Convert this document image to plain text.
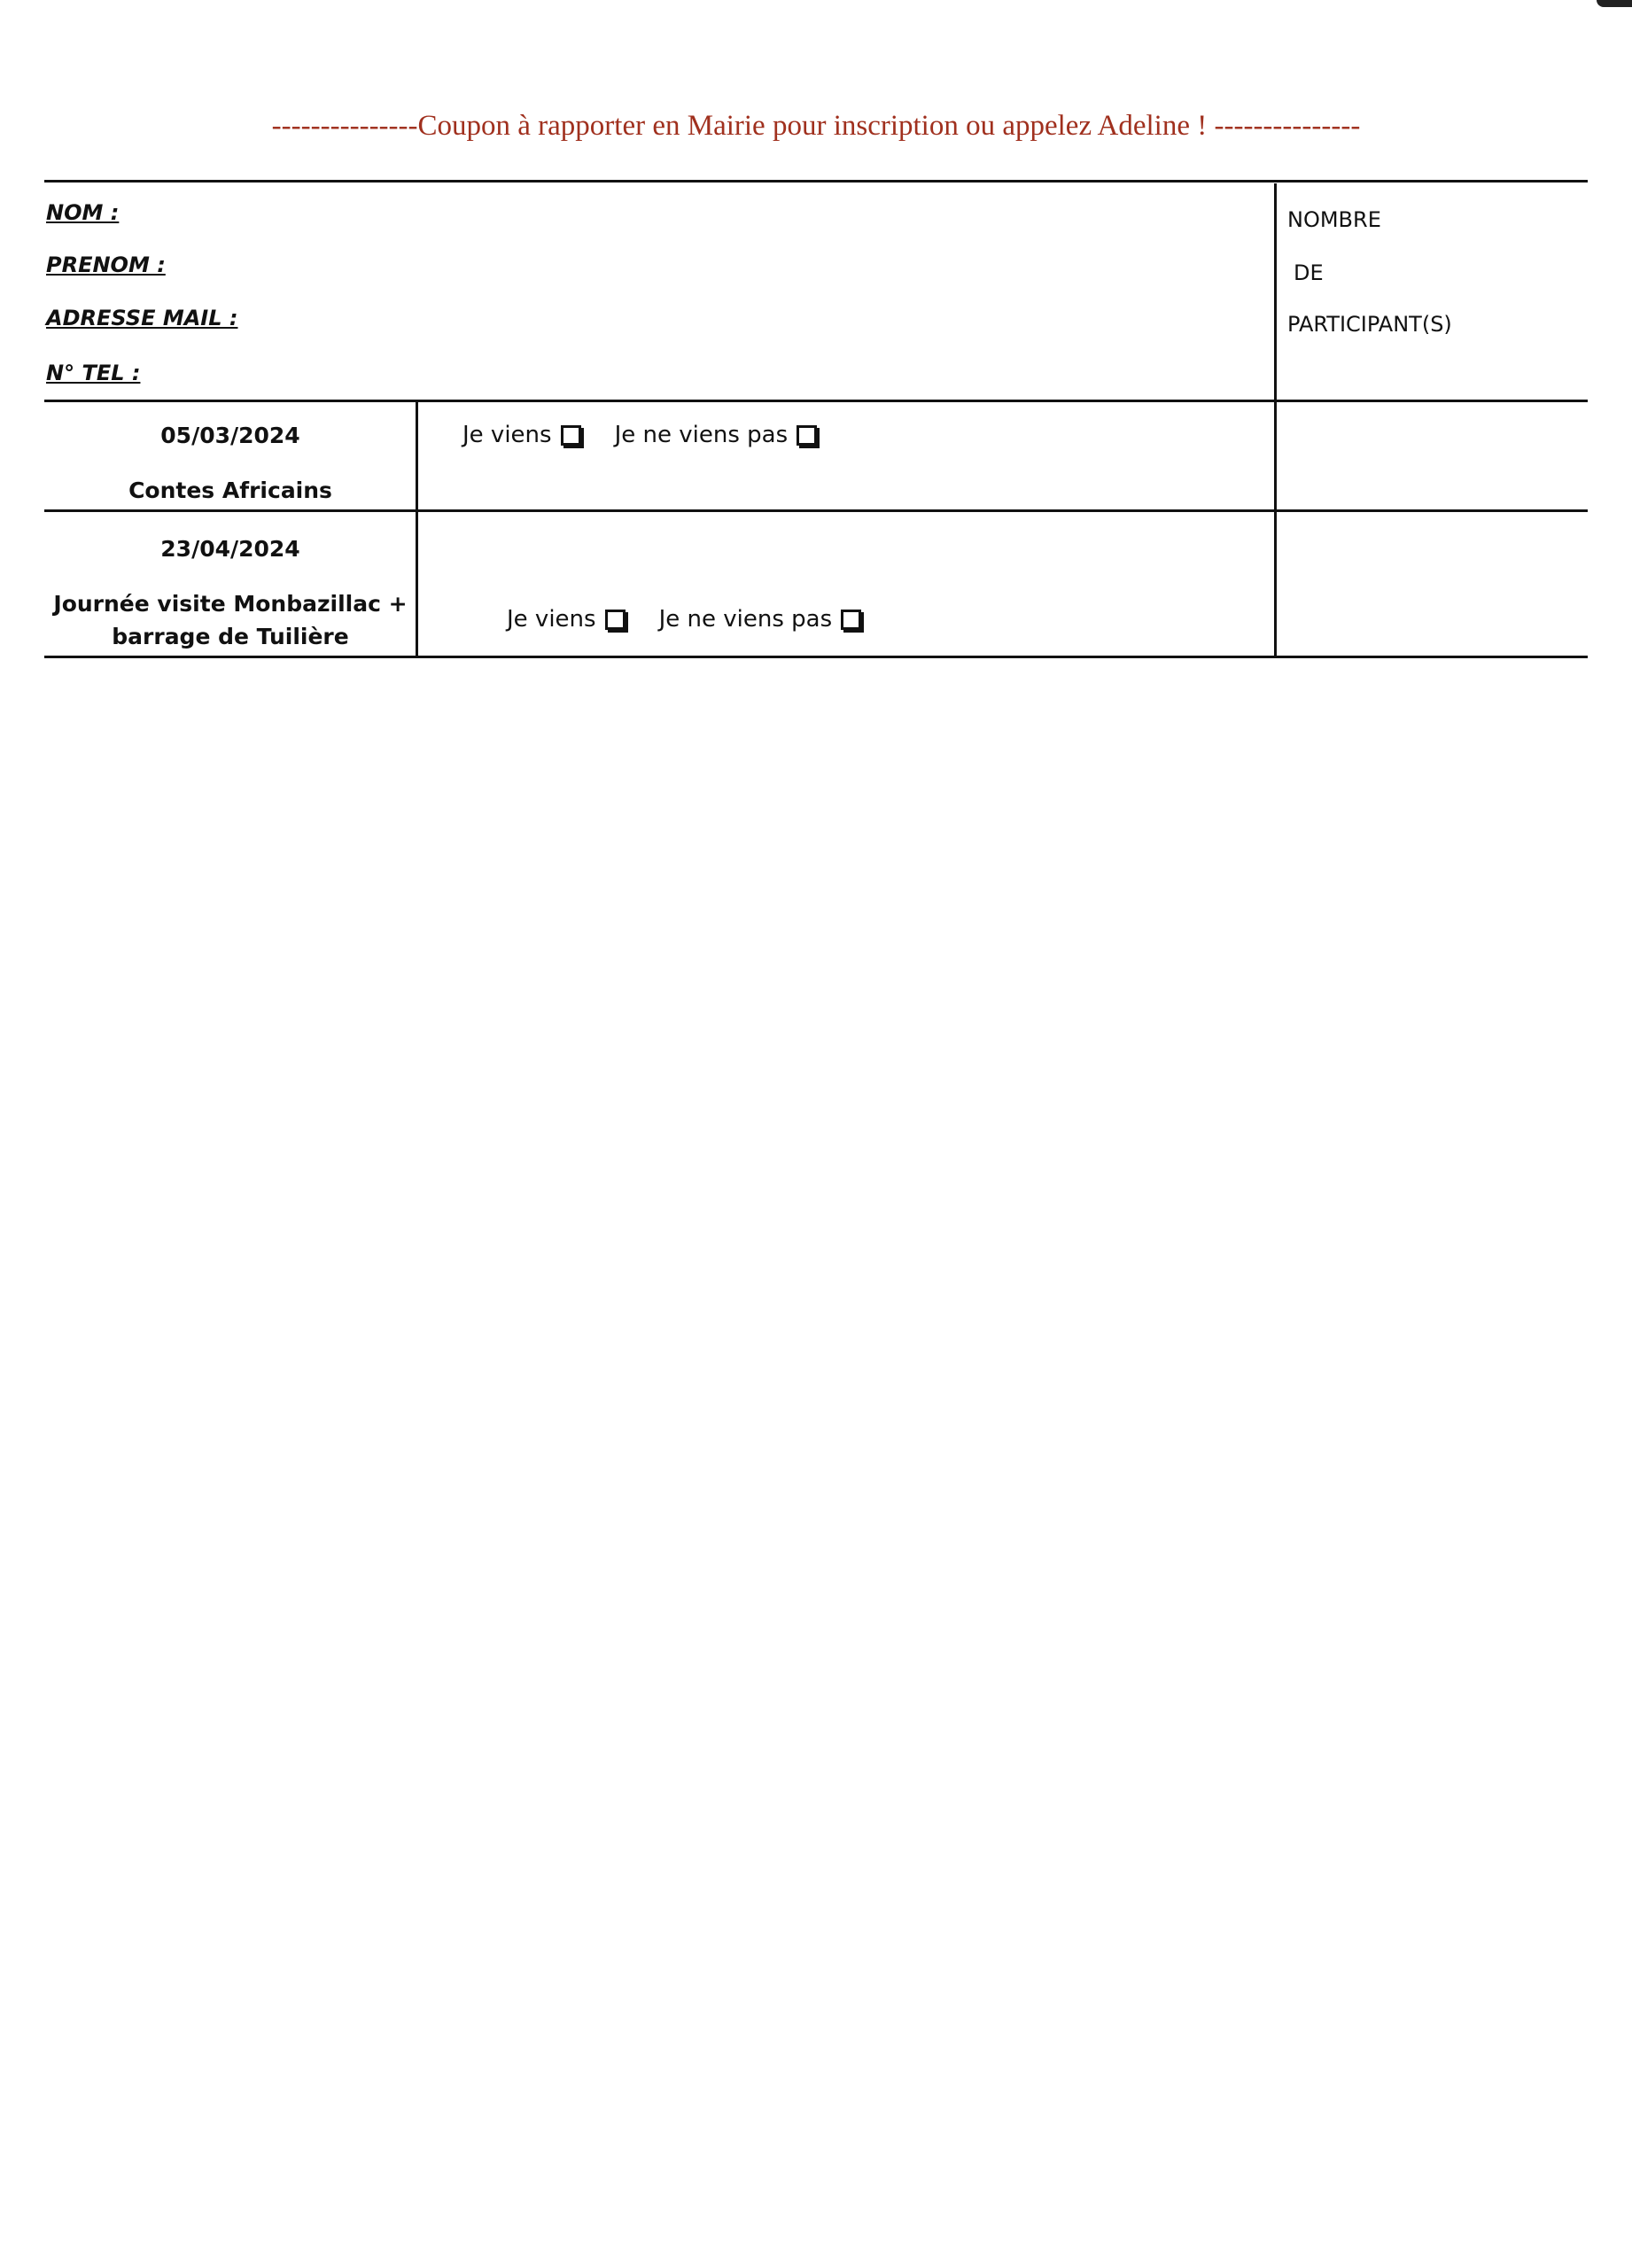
---------------Coupon à rapporter en Mairie pour inscription ou appelez Adeline ! ---------------
NOM :
PRENOM :
ADRESSE MAIL :
N° TEL :
NOMBRE
DE
PARTICIPANT(S)
05/03/2024
Contes Africains
Je viens	Je ne viens pas
23/04/2024
Journée visite Monbazillac +
barrage de Tuilière
Je viens	Je ne viens pas
